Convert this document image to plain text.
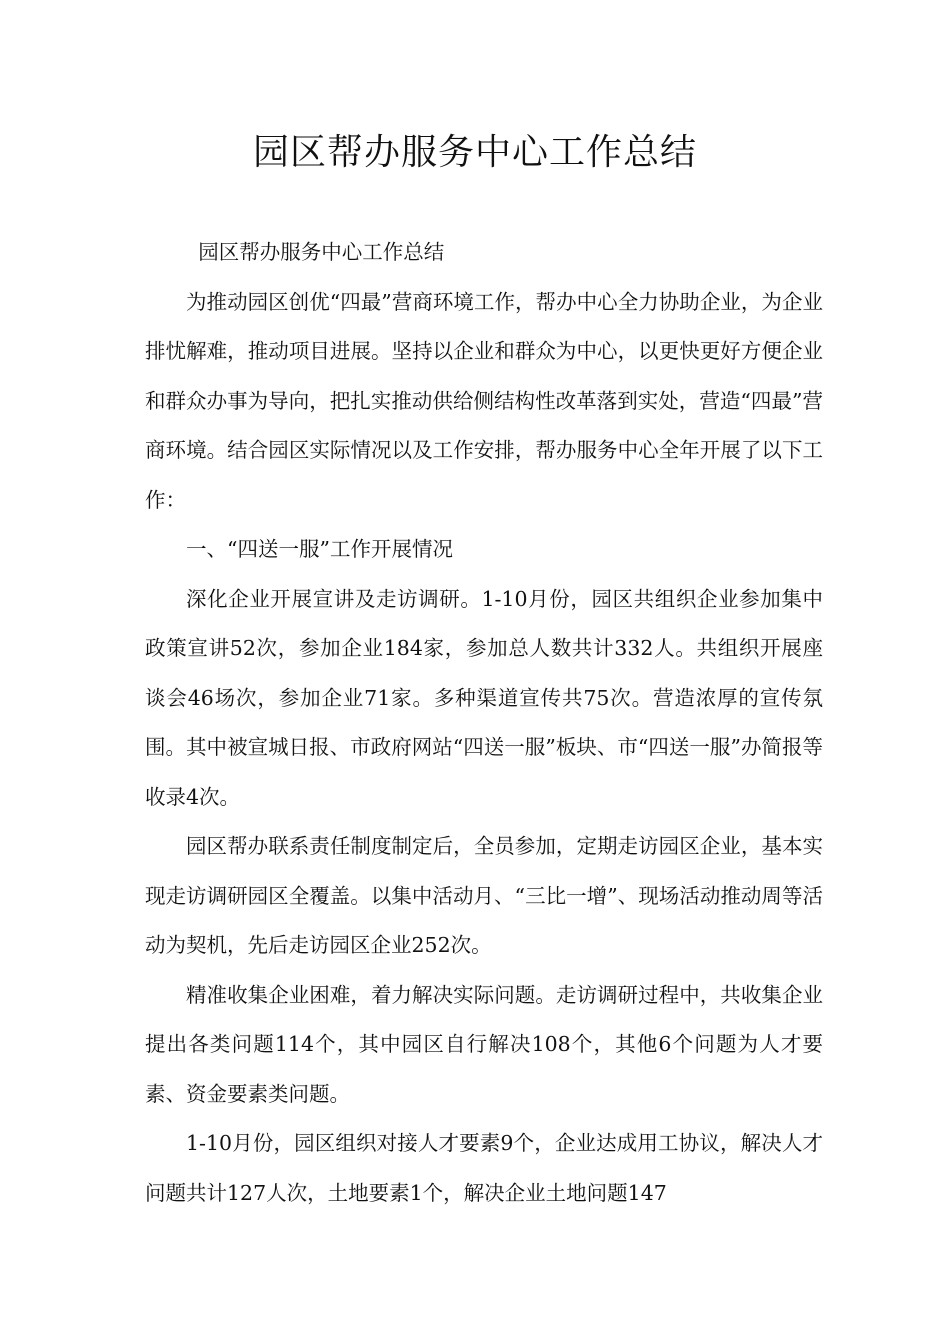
园区帮办服务中心工作总结

园区帮办服务中心工作总结

为推动园区创优“四最”营商环境工作，帮办中心全力协助企业，为企业排忧解难，推动项目进展。坚持以企业和群众为中心，以更快更好方便企业和群众办事为导向，把扎实推动供给侧结构性改革落到实处，营造“四最”营商环境。结合园区实际情况以及工作安排，帮办服务中心全年开展了以下工作：

一、“四送一服”工作开展情况

深化企业开展宣讲及走访调研。1-10月份，园区共组织企业参加集中政策宣讲52次，参加企业184家，参加总人数共计332人。共组织开展座谈会46场次，参加企业71家。多种渠道宣传共75次。营造浓厚的宣传氛围。其中被宣城日报、市政府网站“四送一服”板块、市“四送一服”办简报等收录4次。

园区帮办联系责任制度制定后，全员参加，定期走访园区企业，基本实现走访调研园区全覆盖。以集中活动月、“三比一增”、现场活动推动周等活动为契机，先后走访园区企业252次。

精准收集企业困难，着力解决实际问题。走访调研过程中，共收集企业提出各类问题114个，其中园区自行解决108个，其他6个问题为人才要素、资金要素类问题。

1-10月份，园区组织对接人才要素9个，企业达成用工协议，解决人才问题共计127人次，土地要素1个，解决企业土地问题147
